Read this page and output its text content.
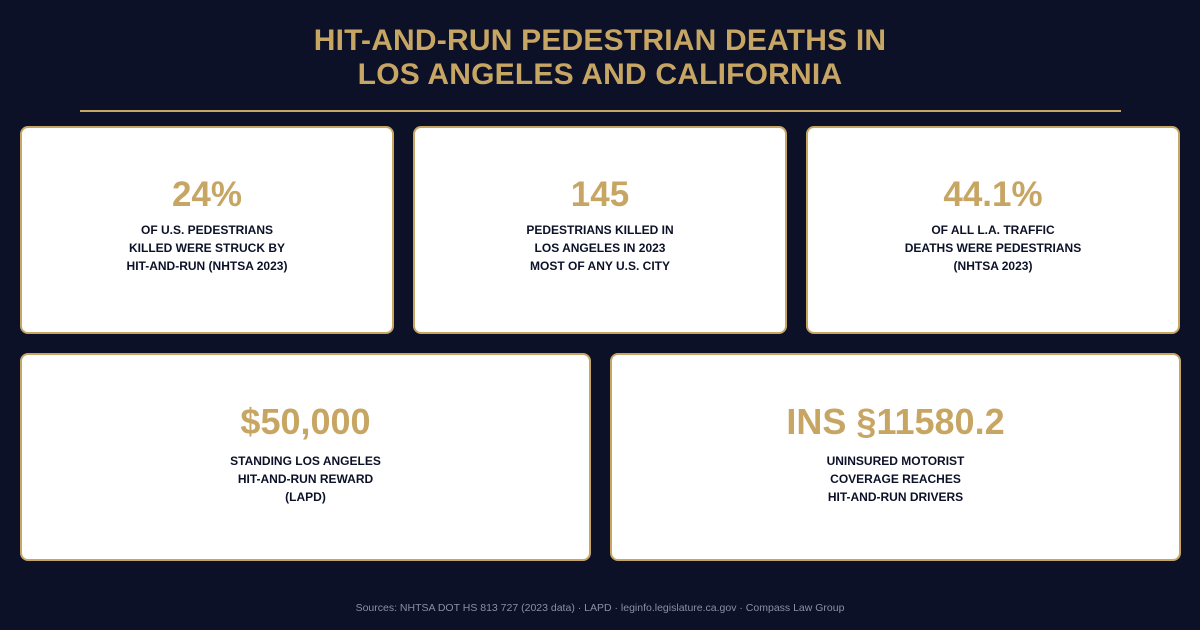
HIT-AND-RUN PEDESTRIAN DEATHS IN
LOS ANGELES AND CALIFORNIA
24%
OF U.S. PEDESTRIANS
KILLED WERE STRUCK BY
HIT-AND-RUN (NHTSA 2023)
145
PEDESTRIANS KILLED IN
LOS ANGELES IN 2023
MOST OF ANY U.S. CITY
44.1%
OF ALL L.A. TRAFFIC
DEATHS WERE PEDESTRIANS
(NHTSA 2023)
$50,000
STANDING LOS ANGELES
HIT-AND-RUN REWARD
(LAPD)
INS §11580.2
UNINSURED MOTORIST
COVERAGE REACHES
HIT-AND-RUN DRIVERS
Sources: NHTSA DOT HS 813 727 (2023 data) · LAPD · leginfo.legislature.ca.gov · Compass Law Group
